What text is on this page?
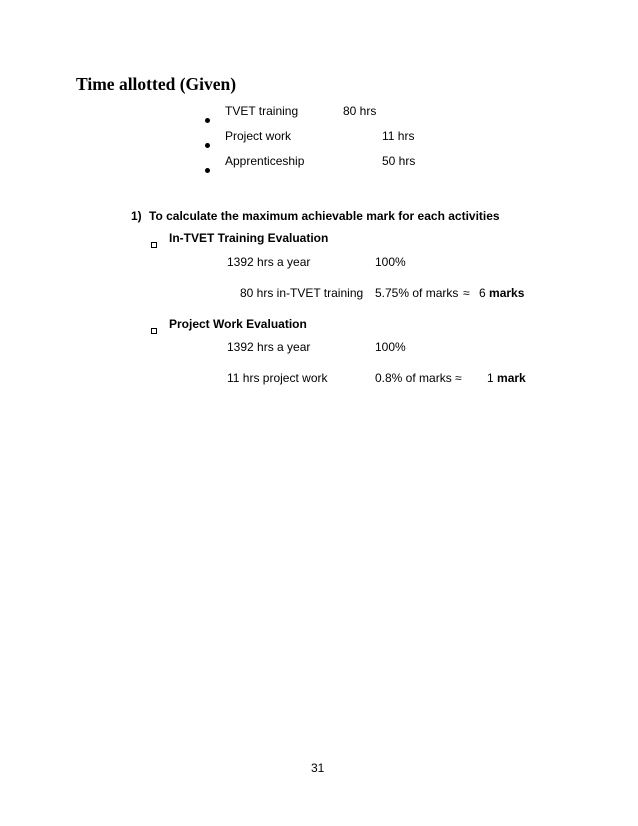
Time allotted (Given)
TVET training	80 hrs
Project work	11 hrs
Apprenticeship	50 hrs
1) To calculate the maximum achievable mark for each activities
In-TVET Training Evaluation
1392 hrs a year	100%
80 hrs in-TVET training 5.75% of marks ≈ 6 marks
Project Work Evaluation
1392 hrs a year	100%
11 hrs project work	0.8% of marks ≈ 1 mark
31
